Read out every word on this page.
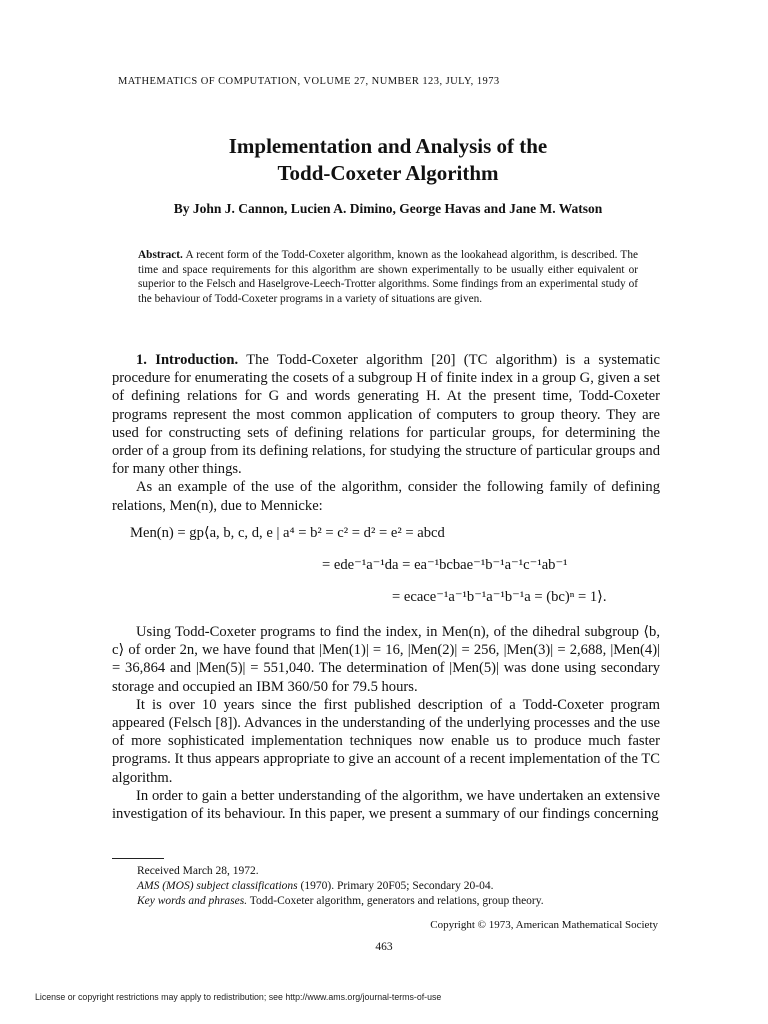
MATHEMATICS OF COMPUTATION, VOLUME 27, NUMBER 123, JULY, 1973
Implementation and Analysis of the
Todd-Coxeter Algorithm
By John J. Cannon, Lucien A. Dimino, George Havas and Jane M. Watson
Abstract. A recent form of the Todd-Coxeter algorithm, known as the lookahead algorithm, is described. The time and space requirements for this algorithm are shown experimentally to be usually either equivalent or superior to the Felsch and Haselgrove-Leech-Trotter algorithms. Some findings from an experimental study of the behaviour of Todd-Coxeter programs in a variety of situations are given.

1. Introduction. The Todd-Coxeter algorithm [20] (TC algorithm) is a systematic procedure for enumerating the cosets of a subgroup H of finite index in a group G, given a set of defining relations for G and words generating H. At the present time, Todd-Coxeter programs represent the most common application of computers to group theory. They are used for constructing sets of defining relations for particular groups, for determining the order of a group from its defining relations, for studying the structure of particular groups and for many other things.

As an example of the use of the algorithm, consider the following family of defining relations, Men(n), due to Mennicke:

Men(n) = gp⟨a, b, c, d, e | a⁴ = b² = c² = d² = e² = abcd
= ede⁻¹a⁻¹da = ea⁻¹bcbae⁻¹b⁻¹a⁻¹c⁻¹ab⁻¹
= ecace⁻¹a⁻¹b⁻¹a⁻¹b⁻¹a = (bc)ⁿ = 1⟩.

Using Todd-Coxeter programs to find the index, in Men(n), of the dihedral subgroup ⟨b, c⟩ of order 2n, we have found that |Men(1)| = 16, |Men(2)| = 256, |Men(3)| = 2,688, |Men(4)| = 36,864 and |Men(5)| = 551,040. The determination of |Men(5)| was done using secondary storage and occupied an IBM 360/50 for 79.5 hours.

It is over 10 years since the first published description of a Todd-Coxeter program appeared (Felsch [8]). Advances in the understanding of the underlying processes and the use of more sophisticated implementation techniques now enable us to produce much faster programs. It thus appears appropriate to give an account of a recent implementation of the TC algorithm.

In order to gain a better understanding of the algorithm, we have undertaken an extensive investigation of its behaviour. In this paper, we present a summary of our findings concerning

Received March 28, 1972.
AMS (MOS) subject classifications (1970). Primary 20F05; Secondary 20-04.
Key words and phrases. Todd-Coxeter algorithm, generators and relations, group theory.
Copyright © 1973, American Mathematical Society
463
License or copyright restrictions may apply to redistribution; see http://www.ams.org/journal-terms-of-use
